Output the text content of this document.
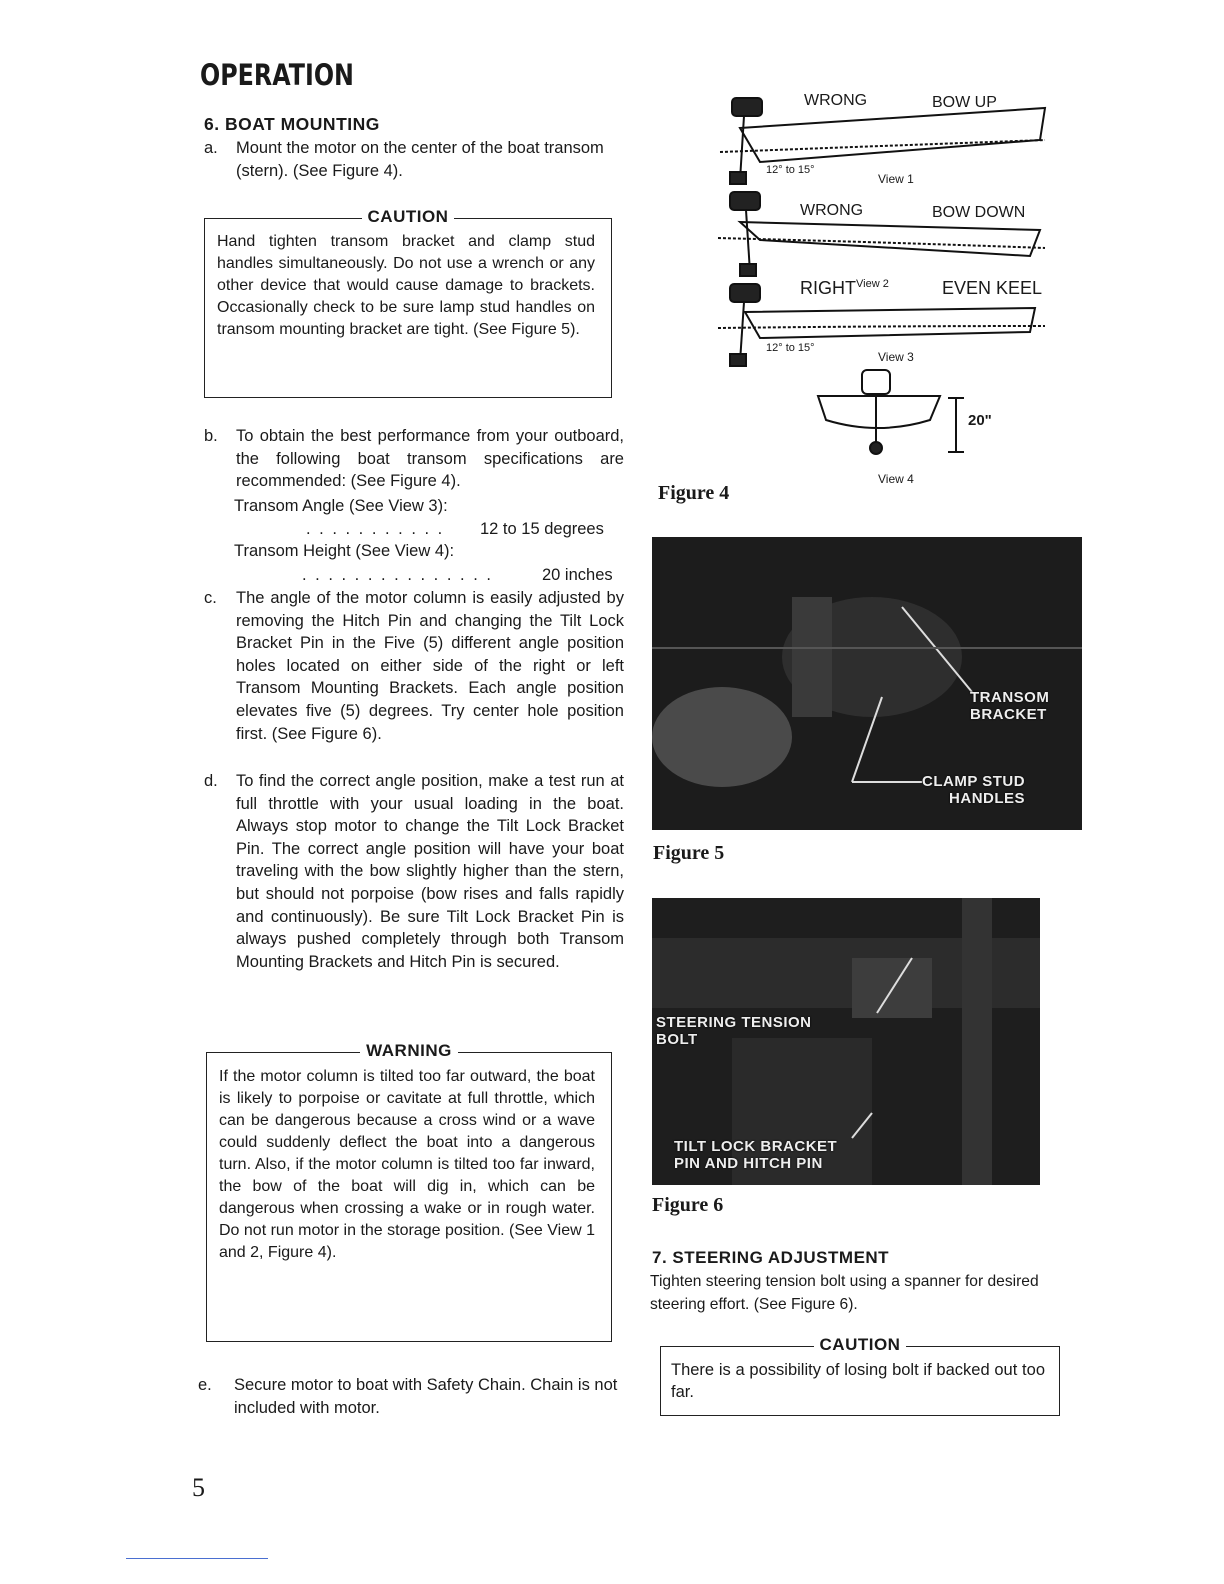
OPERATION
6. BOAT MOUNTING
a. Mount the motor on the center of the boat transom (stern). (See Figure 4).
CAUTION
Hand tighten transom bracket and clamp stud handles simultaneously. Do not use a wrench or any other device that would cause damage to brackets. Occasionally check to be sure lamp stud handles on transom mounting bracket are tight. (See Figure 5).
b. To obtain the best performance from your outboard, the following boat transom specifications are recommended: (See Figure 4).
Transom Angle (See View 3):
. . . . . . . . . . . 12 to 15 degrees
Transom Height (See View 4):
. . . . . . . . . . . . . . .	20 inches
c. The angle of the motor column is easily adjusted by removing the Hitch Pin and changing the Tilt Lock Bracket Pin in the Five (5) different angle position holes located on either side of the right or left Transom Mounting Brackets. Each angle position elevates five (5) degrees. Try center hole position first. (See Figure 6).
d. To find the correct angle position, make a test run at full throttle with your usual loading in the boat. Always stop motor to change the Tilt Lock Bracket Pin. The correct angle position will have your boat traveling with the bow slightly higher than the stern, but should not porpoise (bow rises and falls rapidly and continuously). Be sure Tilt Lock Bracket Pin is always pushed completely through both Transom Mounting Brackets and Hitch Pin is secured.
WARNING
If the motor column is tilted too far outward, the boat is likely to porpoise or cavitate at full throttle, which can be dangerous because a cross wind or a wave could suddenly deflect the boat into a dangerous turn. Also, if the motor column is tilted too far inward, the bow of the boat will dig in, which can be dangerous when crossing a wake or in rough water. Do not run motor in the storage position. (See View 1 and 2, Figure 4).
e. Secure motor to boat with Safety Chain. Chain is not included with motor.
5
WRONG	BOW UP
12° to 15°
View 1
WRONG	BOW DOWN
View 2
RIGHT	EVEN KEEL
12° to 15°
View 3
20"
View 4
Figure 4
TRANSOM
BRACKET
CLAMP STUD
HANDLES
Figure 5
STEERING TENSION
BOLT
TILT LOCK BRACKET
PIN AND HITCH PIN
Figure 6
7. STEERING ADJUSTMENT
Tighten steering tension bolt using a spanner for desired steering effort. (See Figure 6).
CAUTION
There is a possibility of losing bolt if backed out too far.
